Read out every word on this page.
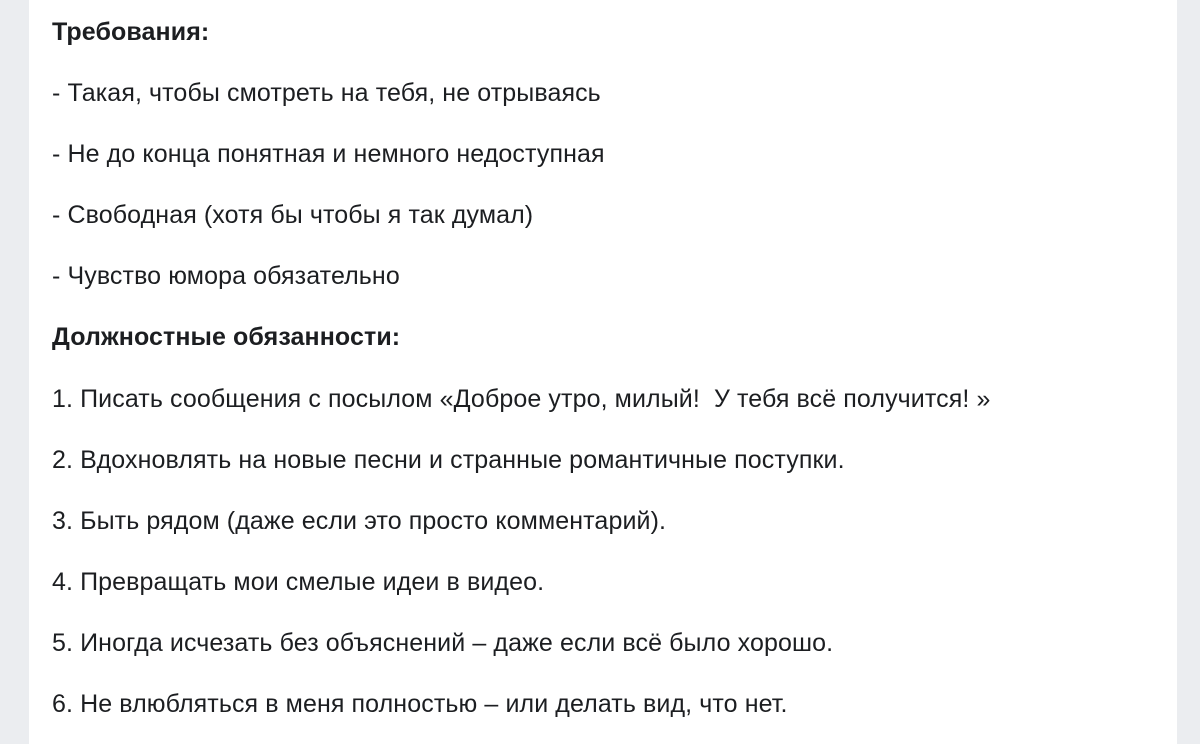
Требования:
- Такая, чтобы смотреть на тебя, не отрываясь
- Не до конца понятная и немного недоступная
- Свободная (хотя бы чтобы я так думал)
- Чувство юмора обязательно
Должностные обязанности:
1. Писать сообщения с посылом «Доброе утро, милый!  У тебя всё получится! »
2. Вдохновлять на новые песни и странные романтичные поступки.
3. Быть рядом (даже если это просто комментарий).
4. Превращать мои смелые идеи в видео.
5. Иногда исчезать без объяснений – даже если всё было хорошо.
6. Не влюбляться в меня полностью – или делать вид, что нет.
